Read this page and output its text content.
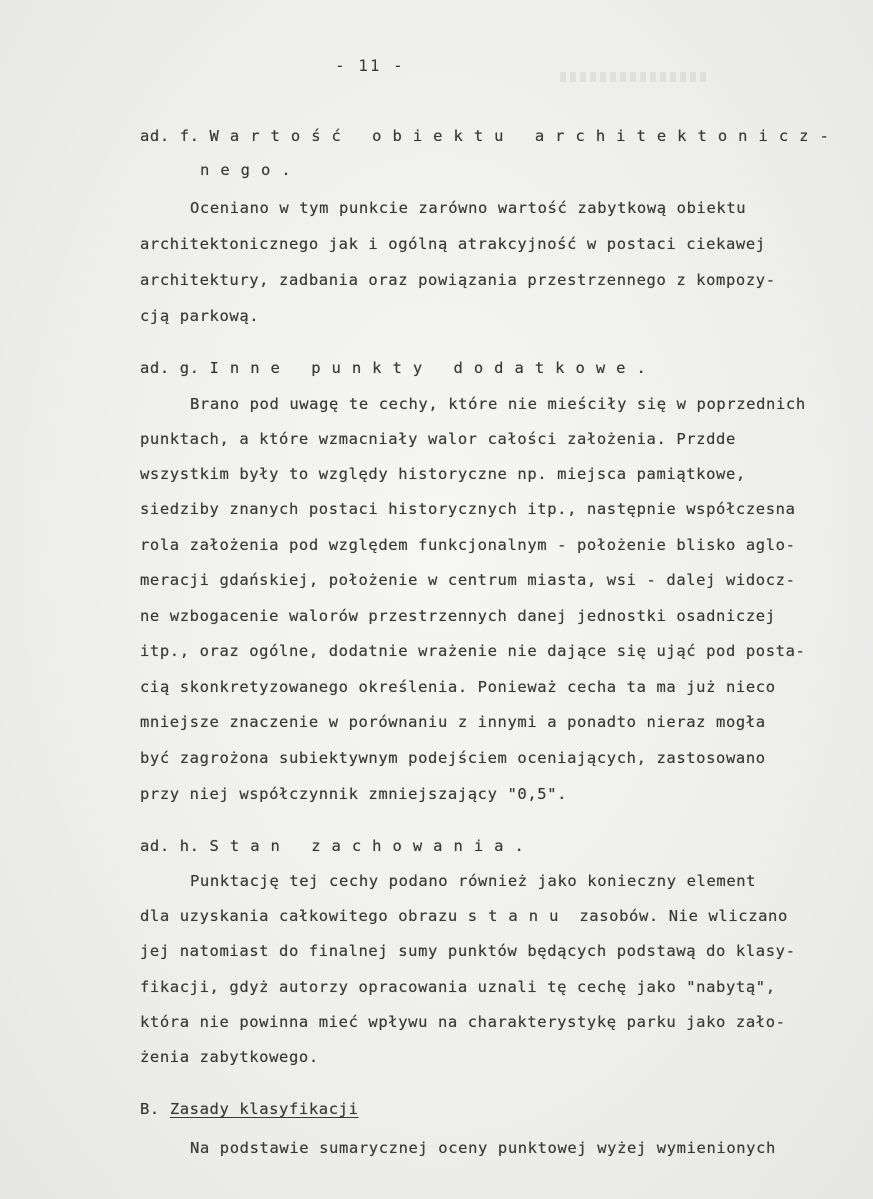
- 11 -
ad. f. Wartość obiektu architektonicz-
nego.
Oceniano w tym punkcie zarówno wartość zabytkową obiektu
architektonicznego jak i ogólną atrakcyjność w postaci ciekawej
architektury, zadbania oraz powiązania przestrzennego z kompozy-
cją parkową.
ad. g. Inne punkty dodatkowe.
Brano pod uwagę te cechy, które nie mieściły się w poprzednich
punktach, a które wzmacniały walor całości założenia. Przdde
wszystkim były to względy historyczne np. miejsca pamiątkowe,
siedziby znanych postaci historycznych itp., następnie współczesna
rola założenia pod względem funkcjonalnym - położenie blisko aglo-
meracji gdańskiej, położenie w centrum miasta, wsi - dalej widocz-
ne wzbogacenie walorów przestrzennych danej jednostki osadniczej
itp., oraz ogólne, dodatnie wrażenie nie dające się ująć pod posta-
cią skonkretyzowanego określenia. Ponieważ cecha ta ma już nieco
mniejsze znaczenie w porównaniu z innymi a ponadto nieraz mogła
być zagrożona subiektywnym podejściem oceniających, zastosowano
przy niej współczynnik zmniejszający "0,5".
ad. h. Stan zachowania.
Punktację tej cechy podano również jako konieczny element
dla uzyskania całkowitego obrazu stanu zasobów. Nie wliczano
jej natomiast do finalnej sumy punktów będących podstawą do klasy-
fikacji, gdyż autorzy opracowania uznali tę cechę jako "nabytą",
która nie powinna mieć wpływu na charakterystykę parku jako zało-
żenia zabytkowego.
B. Zasady klasyfikacji
Na podstawie sumarycznej oceny punktowej wyżej wymienionych
